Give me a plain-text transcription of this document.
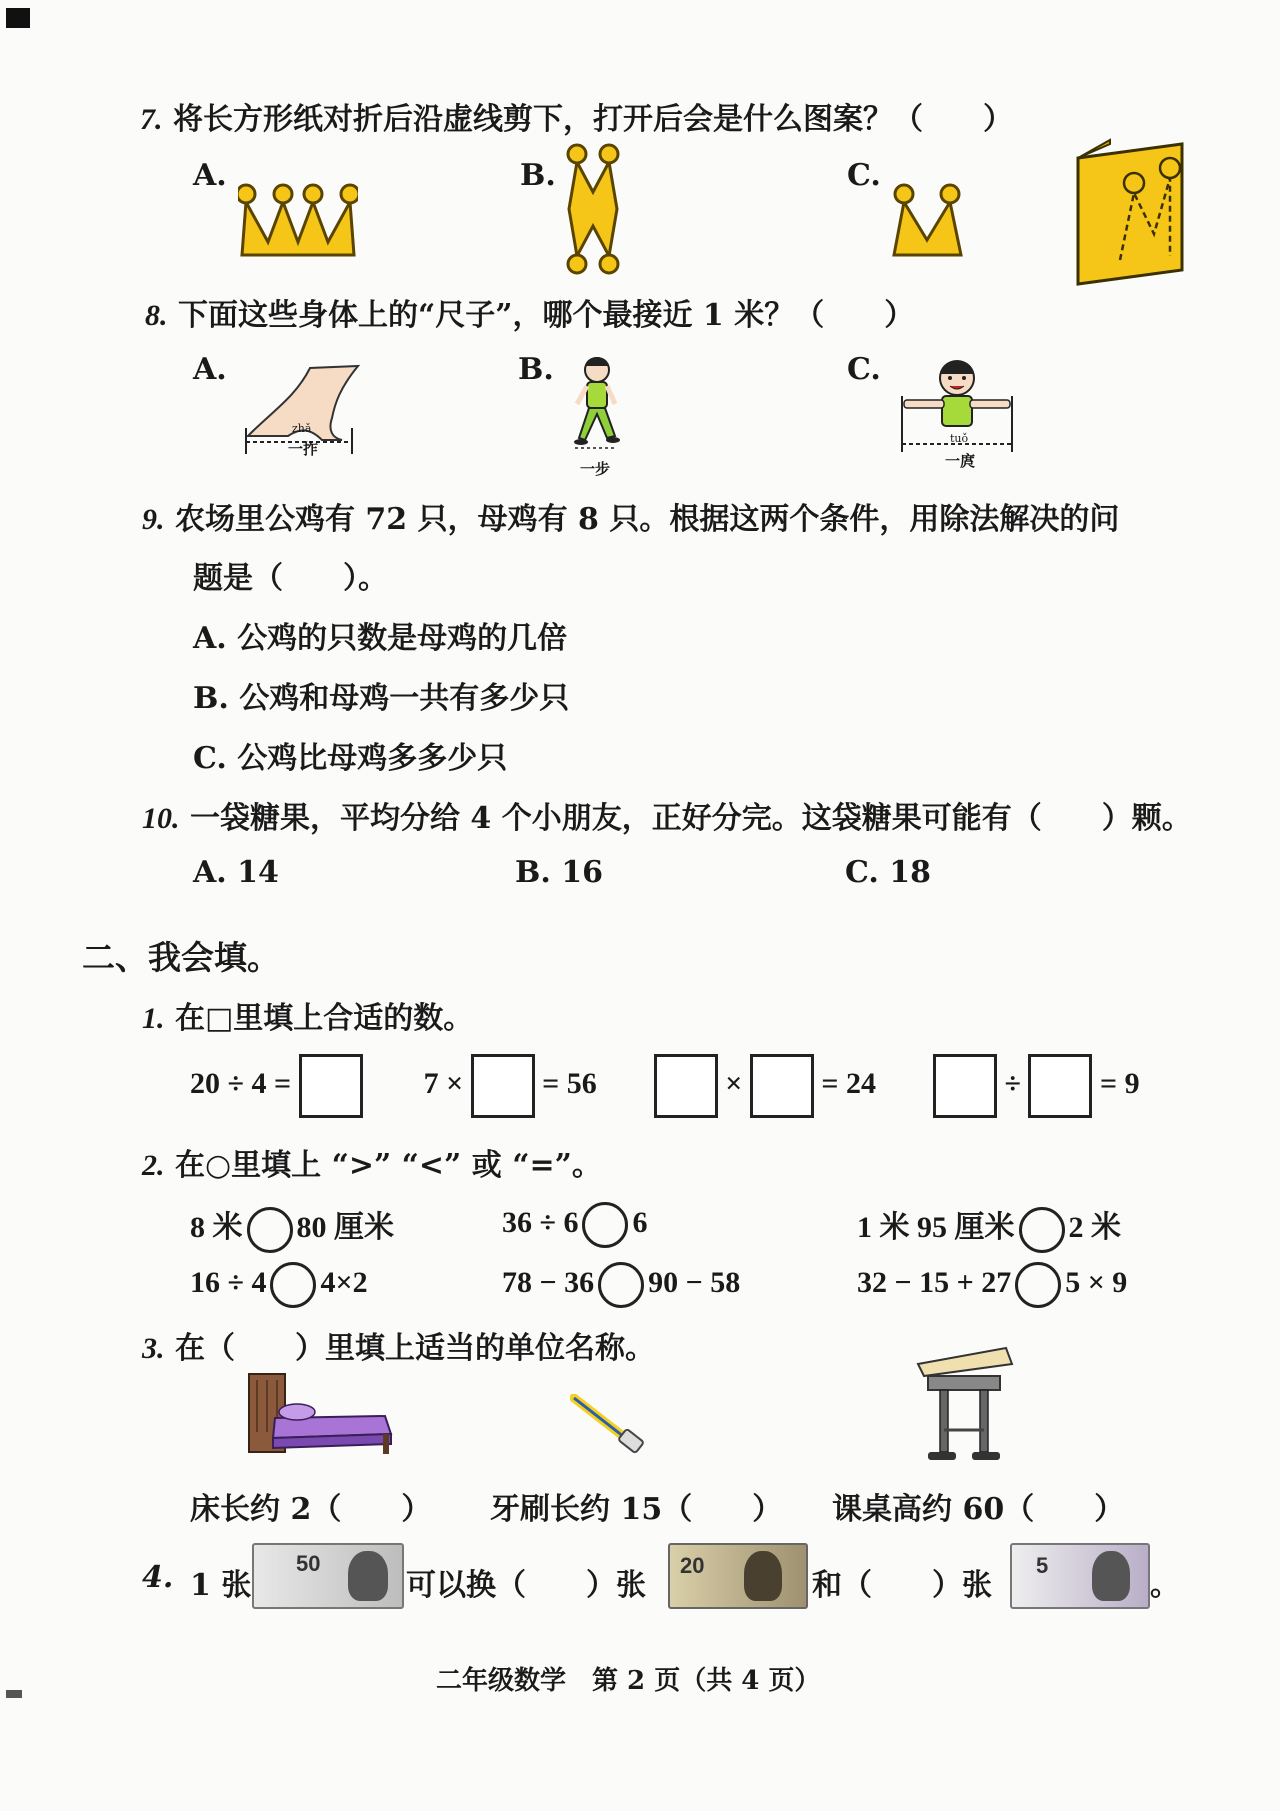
7. 将长方形纸对折后沿虚线剪下，打开后会是什么图案？（　　）
A.	B.	C.
8. 下面这些身体上的“尺子”，哪个最接近 1 米？（　　）
A.	B.	C.
zhǎ
一拃
一步
tuǒ
一庹
9. 农场里公鸡有 72 只，母鸡有 8 只。根据这两个条件，用除法解决的问
题是（　　）。
A. 公鸡的只数是母鸡的几倍
B. 公鸡和母鸡一共有多少只
C. 公鸡比母鸡多多少只
10. 一袋糖果，平均分给 4 个小朋友，正好分完。这袋糖果可能有（　　）颗。
A. 14	B. 16	C. 18
二、我会填。
1. 在□里填上合适的数。
20 ÷ 4 =	7 ×	= 56	×	= 24	÷	= 9
2. 在○里填上 “>” “<” 或 “=”。
8 米 80 厘米	36 ÷ 6 6	1 米 95 厘米 2 米
16 ÷ 4 4×2	78 − 36 90 − 58	32 − 15 + 27 5 × 9
3. 在（　　）里填上适当的单位名称。
床长约 2（　　） 牙刷长约 15（　　） 课桌高约 60（　　）
4. 1 张
50
可以换（　　）张
20
和（　　）张
5
。
二年级数学　第 2 页（共 4 页）
